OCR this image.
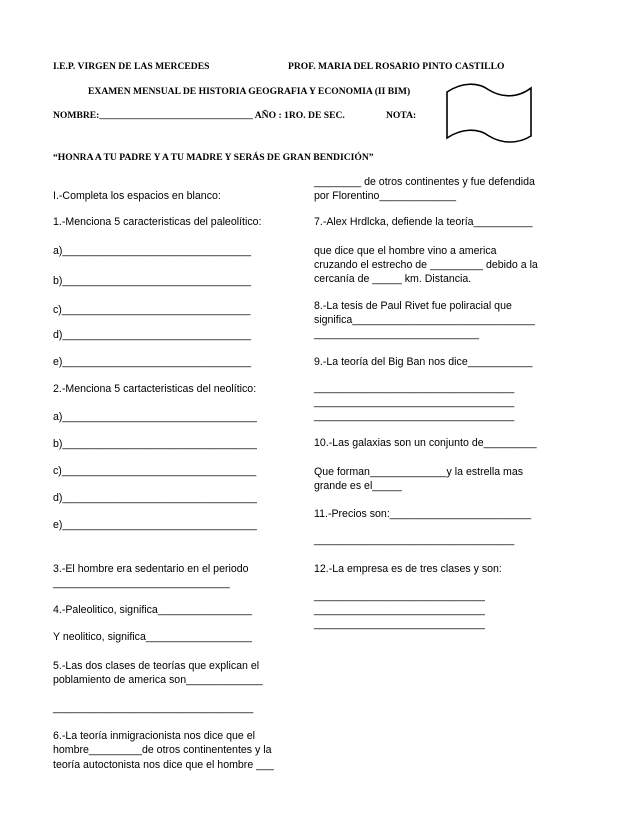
I.E.P. VIRGEN DE LAS MERCEDES	PROF. MARIA DEL ROSARIO PINTO CASTILLO
EXAMEN MENSUAL DE HISTORIA GEOGRAFIA Y ECONOMIA (II BIM)
NOMBRE:________________________________ AÑO : 1RO. DE SEC.	NOTA:
“HONRA A TU PADRE Y A TU MADRE Y SERÁS DE GRAN BENDICIÓN”
I.-Completa los espacios en blanco:
1.-Menciona 5 caracteristicas del paleolítico:
a)________________________________
b)________________________________
c)________________________________
d)________________________________
e)________________________________
2.-Menciona 5 cartacteristicas del neolítico:
a)_________________________________
b)_________________________________
c)_________________________________
d)_________________________________
e)_________________________________
3.-El hombre era sedentario en el periodo
______________________________
4.-Paleolitico, significa________________
Y neolitico, significa__________________
5.-Las dos clases de teorías que explican el
poblamiento de america son_____________
__________________________________
6.-La teoría inmigracionista nos dice que el
hombre_________de otros continententes y la
teoría autoctonista nos dice que el hombre ___
________ de otros continentes y fue defendida
por Florentino_____________
7.-Alex Hrdlcka, defiende la teoría__________
que dice que el hombre vino a america
cruzando el estrecho de _________ debido a la
cercanía de _____ km. Distancia.
8.-La tesis de Paul Rivet fue poliracial que
significa_______________________________
____________________________
9.-La teoría del Big Ban nos dice___________
__________________________________
__________________________________
__________________________________
10.-Las galaxias son un conjunto de_________
Que forman_____________y la estrella mas
grande es el_____
11.-Precios son:________________________
__________________________________
12.-La empresa es de tres clases y son:
_____________________________
_____________________________
_____________________________
